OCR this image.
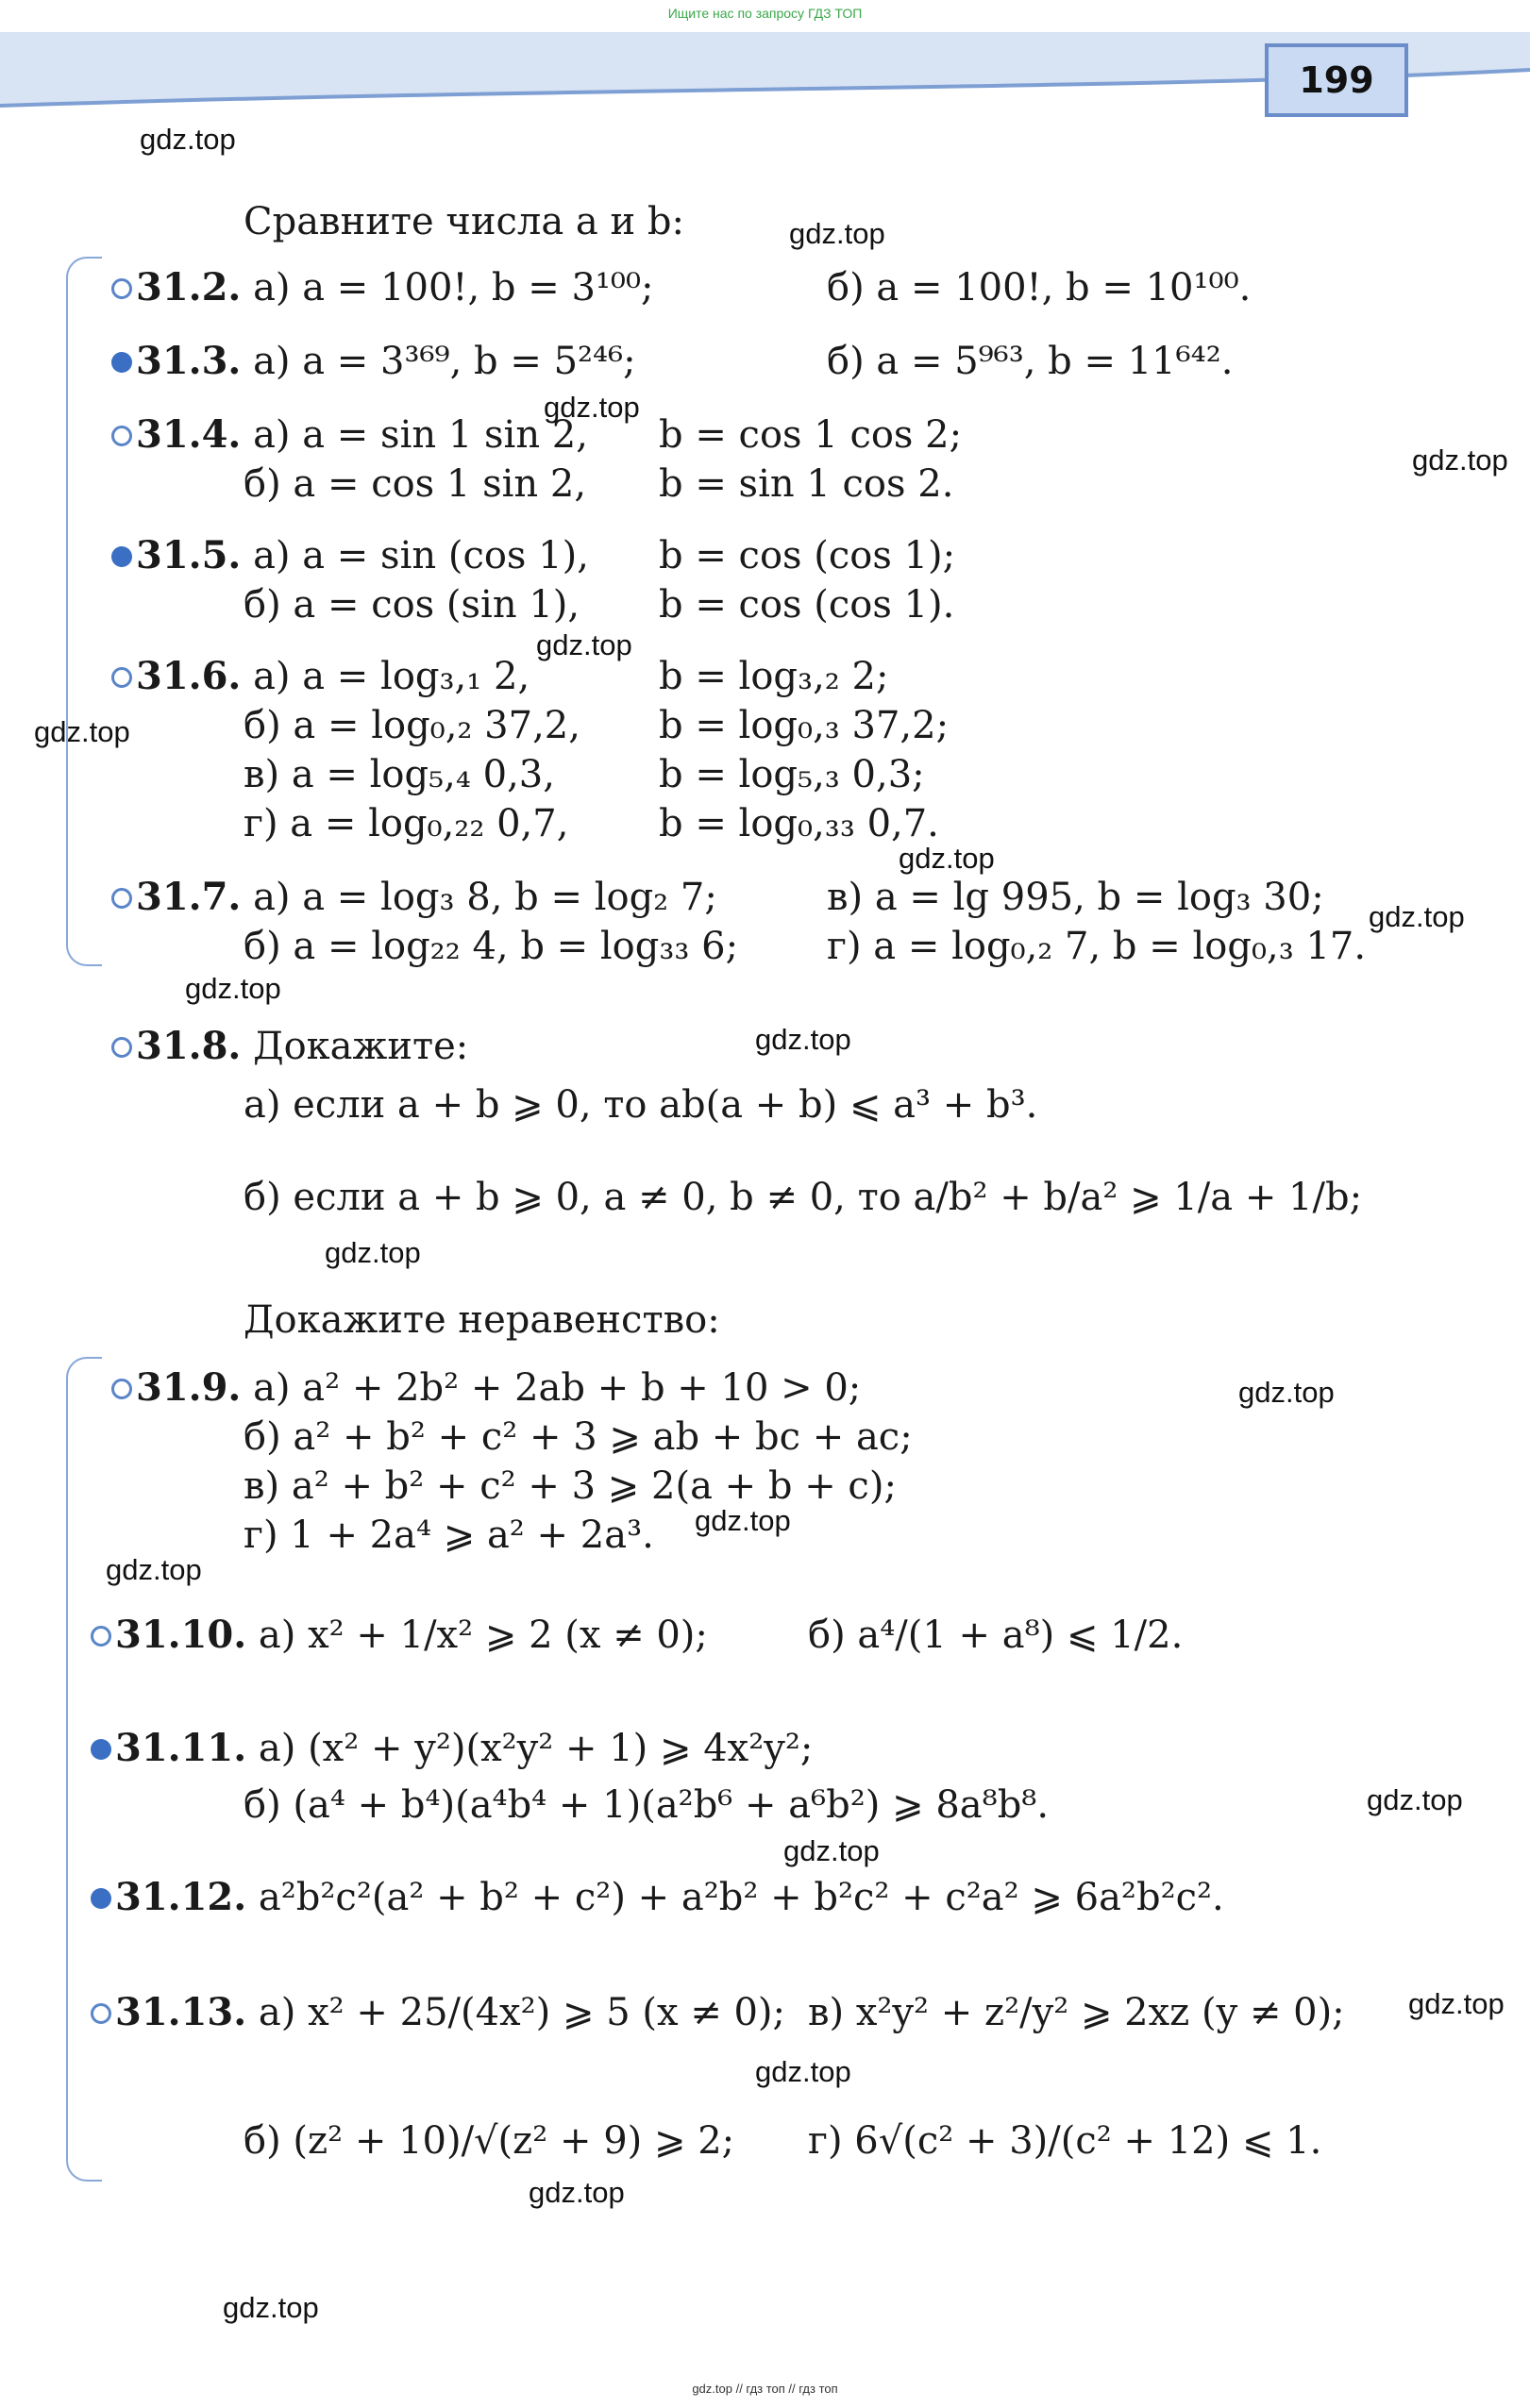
Ищите нас по запросу ГДЗ ТОП
199
gdz.top
gdz.top
gdz.top
gdz.top
gdz.top
gdz.top
gdz.top
gdz.top
gdz.top
gdz.top
gdz.top
gdz.top
gdz.top
gdz.top
gdz.top
gdz.top
gdz.top
gdz.top
gdz.top
gdz.top
Сравните числа a и b:
31.2. а) a = 100!, b = 3¹⁰⁰;	б) a = 100!, b = 10¹⁰⁰.
31.3. а) a = 3³⁶⁹, b = 5²⁴⁶;	б) a = 5⁹⁶³, b = 11⁶⁴².
31.4. а) a = sin 1 sin 2, b = cos 1 cos 2;
б) a = cos 1 sin 2, b = sin 1 cos 2.
31.5. а) a = sin (cos 1), b = cos (cos 1);
б) a = cos (sin 1), b = cos (cos 1).
31.6. а) a = log₃,₁ 2,	b = log₃,₂ 2;
б) a = log₀,₂ 37,2, b = log₀,₃ 37,2;
в) a = log₅,₄ 0,3,	b = log₅,₃ 0,3;
г) a = log₀,₂₂ 0,7, b = log₀,₃₃ 0,7.
31.7. а) a = log₃ 8, b = log₂ 7;	в) a = lg 995, b = log₃ 30;
б) a = log₂₂ 4, b = log₃₃ 6; г) a = log₀,₂ 7, b = log₀,₃ 17.
31.8. Докажите:
а) если a + b ⩾ 0, то ab(a + b) ⩽ a³ + b³.
б) если a + b ⩾ 0, a ≠ 0, b ≠ 0, то a/b² + b/a² ⩾ 1/a + 1/b;
Докажите неравенство:
31.9. а) a² + 2b² + 2ab + b + 10 > 0;
б) a² + b² + c² + 3 ⩾ ab + bc + ac;
в) a² + b² + c² + 3 ⩾ 2(a + b + c);
г) 1 + 2a⁴ ⩾ a² + 2a³.
31.10. а) x² + 1/x² ⩾ 2 (x ≠ 0);	б) a⁴/(1 + a⁸) ⩽ 1/2.
31.11. а) (x² + y²)(x²y² + 1) ⩾ 4x²y²;
б) (a⁴ + b⁴)(a⁴b⁴ + 1)(a²b⁶ + a⁶b²) ⩾ 8a⁸b⁸.
31.12. a²b²c²(a² + b² + c²) + a²b² + b²c² + c²a² ⩾ 6a²b²c².
31.13. а) x² + 25/(4x²) ⩾ 5 (x ≠ 0); в) x²y² + z²/y² ⩾ 2xz (y ≠ 0);
б) (z² + 10)/√(z² + 9) ⩾ 2; г) 6√(c² + 3)/(c² + 12) ⩽ 1.
gdz.top // гдз топ // гдз топ
